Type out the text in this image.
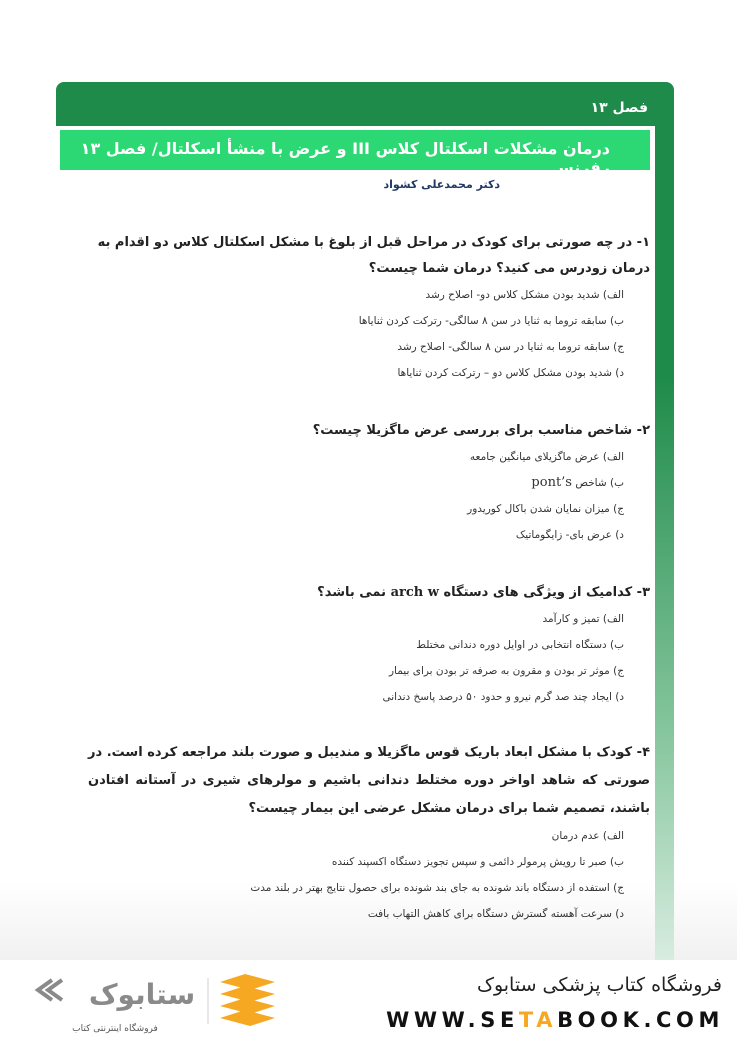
فصل ۱۳
درمان مشکلات اسکلتال کلاس III و عرض با منشأ اسکلتال/ فصل ۱۳ رفرنس
دکتر محمدعلی کشواد

۱- در چه صورتی برای کودک در مراحل قبل از بلوغ با مشکل اسکلتال کلاس دو اقدام به درمان زودرس می کنید؟ درمان شما چیست؟

الف) شدید بودن مشکل کلاس دو- اصلاح رشد

ب) سابقه تروما به ثنایا در سن ۸ سالگی- رترکت کردن ثنایاها

ج) سابقه تروما به ثنایا در سن ۸ سالگی- اصلاح رشد

د) شدید بودن مشکل کلاس دو – رترکت کردن ثنایاها

۲- شاخص مناسب برای بررسی عرض ماگزیلا چیست؟

الف) عرض ماگزیلای میانگین جامعه

ب) شاخص pont’s

ج) میزان نمایان شدن باکال کوریدور

د) عرض بای- زایگوماتیک

۳- کدامیک از ویژگی های دستگاه arch w نمی باشد؟

الف) تمیز و کارآمد

ب) دستگاه انتخابی در اوایل دوره دندانی مختلط

ج) موثر تر بودن و مقرون به صرفه تر بودن برای بیمار

د) ایجاد چند صد گرم نیرو و حدود ۵۰ درصد پاسخ دندانی

۴- کودک با مشکل ابعاد باریک قوس ماگزیلا و مندیبل و صورت بلند مراجعه کرده است. در صورتی که شاهد اواخر دوره مختلط دندانی باشیم و مولرهای شیری در آستانه افتادن باشند، تصمیم شما برای درمان مشکل عرضی این بیمار چیست؟

الف) عدم درمان

ب) صبر تا رویش پرمولر دائمی و سپس تجویز دستگاه اکسپند کننده

ج) استفده از دستگاه باند شونده به جای بند شونده برای حصول نتایج بهتر در بلند مدت

د) سرعت آهسته گسترش دستگاه برای کاهش التهاب بافت

ستابوک
فروشگاه اینترنتی کتاب
فروشگاه کتاب پزشکی ستابوک
WWW.SETABOOK.COM
